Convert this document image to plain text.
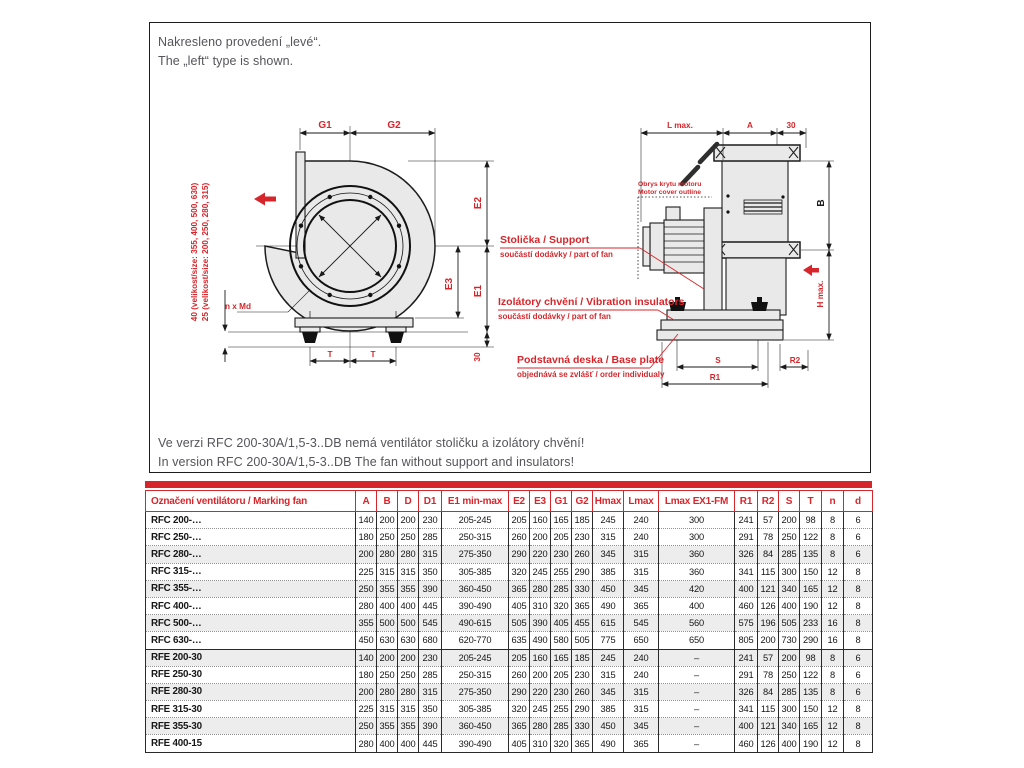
Nakresleno provedení „levé“.
The „left“ type is shown.
G1	G2
E2
E1
E3
30
T	T
n x Md
40 (velikost/size: 355, 400, 500, 630) 25 (velikost/size: 200, 250, 280, 315)	Obrys krytu motoru
Motor cover outline
L max.	A	30
B
H max.
S	R2
R1
Stolička / Support
součástí dodávky / part of fan
Izolátory chvění / Vibration insulators
součástí dodávky / part of fan
Podstavná deska / Base plate
objednává se zvlášť / order individualy
Ve verzi RFC 200-30A/1,5-3..DB nemá ventilátor stoličku a izolátory chvění!
In version RFC 200-30A/1,5-3..DB The fan without support and insulators!
Označení ventilátoru / Marking fan	A	B	D	D1	E1 min-max	E2	E3	G1	G2	Hmax	Lmax	Lmax EX1-FM	R1	R2	S	T	n	d
RFC 200-…	140	200	200	230	205-245	205	160	165	185	245	240	300	241	57	200	98	8	6
RFC 250-…	180	250	250	285	250-315	260	200	205	230	315	240	300	291	78	250	122	8	6
RFC 280-…	200	280	280	315	275-350	290	220	230	260	345	315	360	326	84	285	135	8	6
RFC 315-…	225	315	315	350	305-385	320	245	255	290	385	315	360	341	115	300	150	12	8
RFC 355-…	250	355	355	390	360-450	365	280	285	330	450	345	420	400	121	340	165	12	8
RFC 400-…	280	400	400	445	390-490	405	310	320	365	490	365	400	460	126	400	190	12	8
RFC 500-…	355	500	500	545	490-615	505	390	405	455	615	545	560	575	196	505	233	16	8
RFC 630-…	450	630	630	680	620-770	635	490	580	505	775	650	650	805	200	730	290	16	8
RFE 200-30	140	200	200	230	205-245	205	160	165	185	245	240	–	241	57	200	98	8	6
RFE 250-30	180	250	250	285	250-315	260	200	205	230	315	240	–	291	78	250	122	8	6
RFE 280-30	200	280	280	315	275-350	290	220	230	260	345	315	–	326	84	285	135	8	6
RFE 315-30	225	315	315	350	305-385	320	245	255	290	385	315	–	341	115	300	150	12	8
RFE 355-30	250	355	355	390	360-450	365	280	285	330	450	345	–	400	121	340	165	12	8
RFE 400-15	280	400	400	445	390-490	405	310	320	365	490	365	–	460	126	400	190	12	8
